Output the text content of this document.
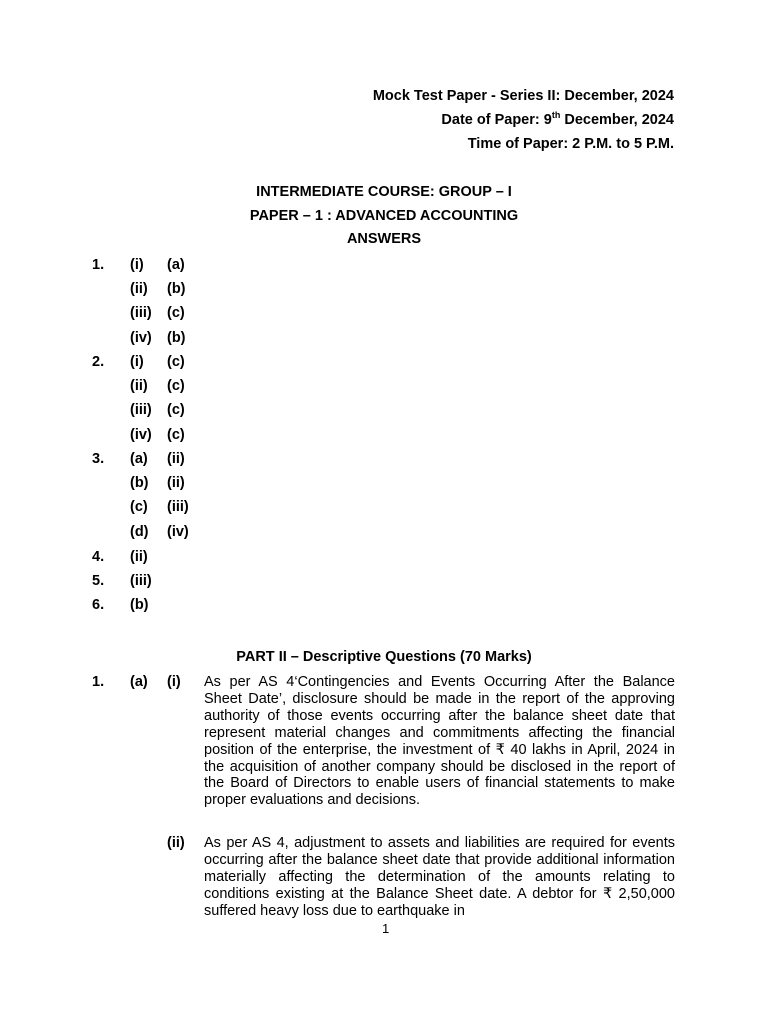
Mock Test Paper - Series II: December, 2024
Date of Paper: 9th December, 2024
Time of Paper: 2 P.M. to 5 P.M.
INTERMEDIATE COURSE: GROUP – I
PAPER – 1 : ADVANCED ACCOUNTING
ANSWERS
1. (i) (a)
(ii) (b)
(iii) (c)
(iv) (b)
2. (i) (c)
(ii) (c)
(iii) (c)
(iv) (c)
3. (a) (ii)
(b) (ii)
(c) (iii)
(d) (iv)
4. (ii)
5. (iii)
6. (b)
PART II – Descriptive Questions (70 Marks)
1. (a) (i) As per AS 4‘Contingencies and Events Occurring After the Balance Sheet Date’, disclosure should be made in the report of the approving authority of those events occurring after the balance sheet date that represent material changes and commitments affecting the financial position of the enterprise, the investment of ₹ 40 lakhs in April, 2024 in the acquisition of another company should be disclosed in the report of the Board of Directors to enable users of financial statements to make proper evaluations and decisions.
(ii) As per AS 4, adjustment to assets and liabilities are required for events occurring after the balance sheet date that provide additional information materially affecting the determination of the amounts relating to conditions existing at the Balance Sheet date. A debtor for ₹ 2,50,000 suffered heavy loss due to earthquake in
1
